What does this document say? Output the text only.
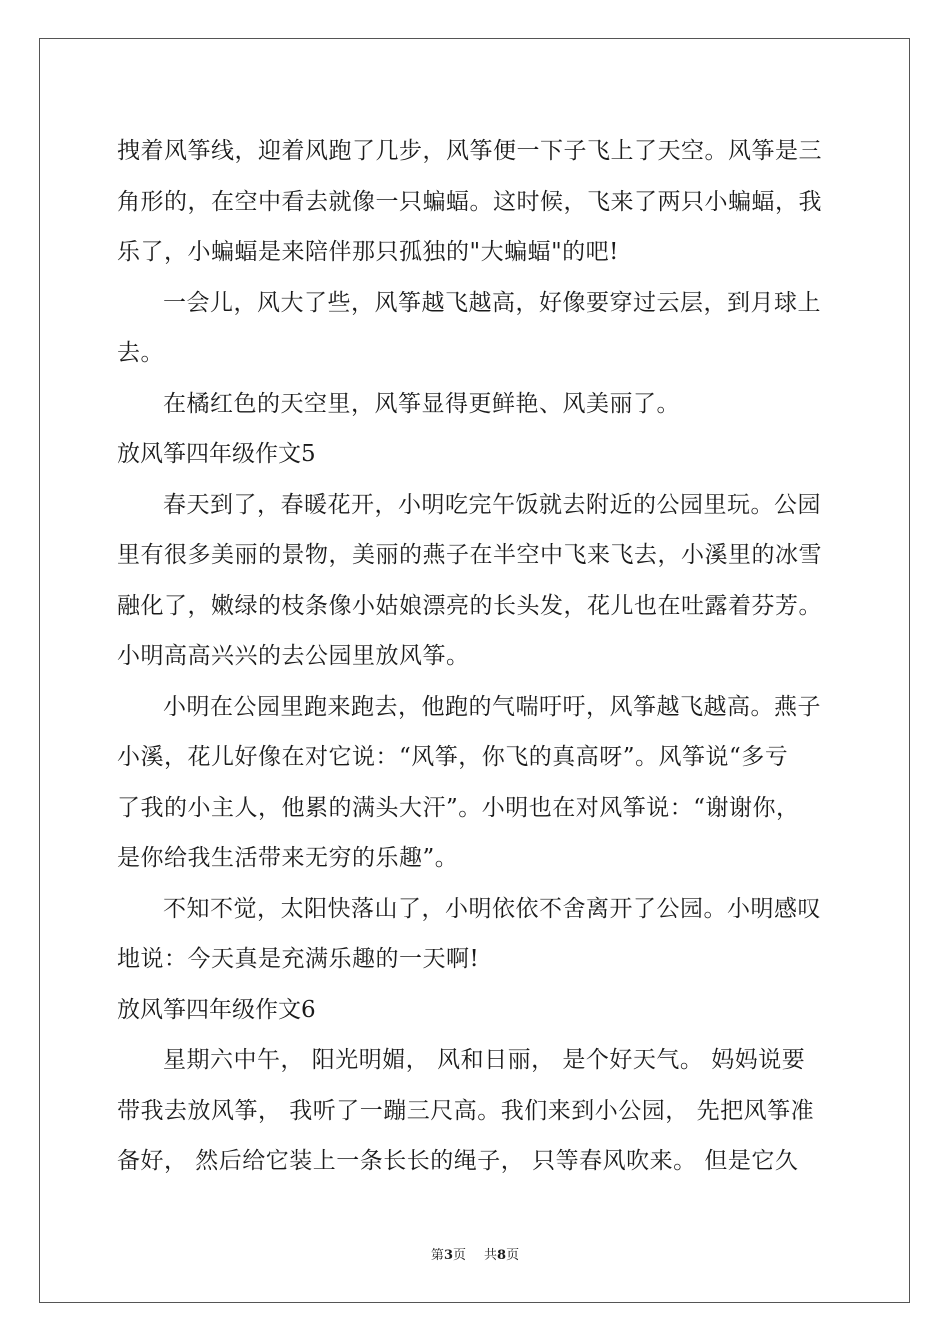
拽着风筝线，迎着风跑了几步，风筝便一下子飞上了天空。风筝是三
角形的，在空中看去就像一只蝙蝠。这时候，飞来了两只小蝙蝠，我
乐了，小蝙蝠是来陪伴那只孤独的"大蝙蝠"的吧!
一会儿，风大了些，风筝越飞越高，好像要穿过云层，到月球上
去。
在橘红色的天空里，风筝显得更鲜艳、风美丽了。
放风筝四年级作文5
春天到了，春暖花开，小明吃完午饭就去附近的公园里玩。公园
里有很多美丽的景物，美丽的燕子在半空中飞来飞去，小溪里的冰雪
融化了，嫩绿的枝条像小姑娘漂亮的长头发，花儿也在吐露着芬芳。
小明高高兴兴的去公园里放风筝。
小明在公园里跑来跑去，他跑的气喘吁吁，风筝越飞越高。燕子
小溪，花儿好像在对它说：“风筝，你飞的真高呀”。风筝说“多亏
了我的小主人，他累的满头大汗”。小明也在对风筝说：“谢谢你，
是你给我生活带来无穷的乐趣”。
不知不觉，太阳快落山了，小明依依不舍离开了公园。小明感叹
地说：今天真是充满乐趣的一天啊!
放风筝四年级作文6
星期六中午， 阳光明媚， 风和日丽， 是个好天气。 妈妈说要
带我去放风筝， 我听了一蹦三尺高。我们来到小公园， 先把风筝准
备好， 然后给它装上一条长长的绳子， 只等春风吹来。 但是它久
第3页 共8页
